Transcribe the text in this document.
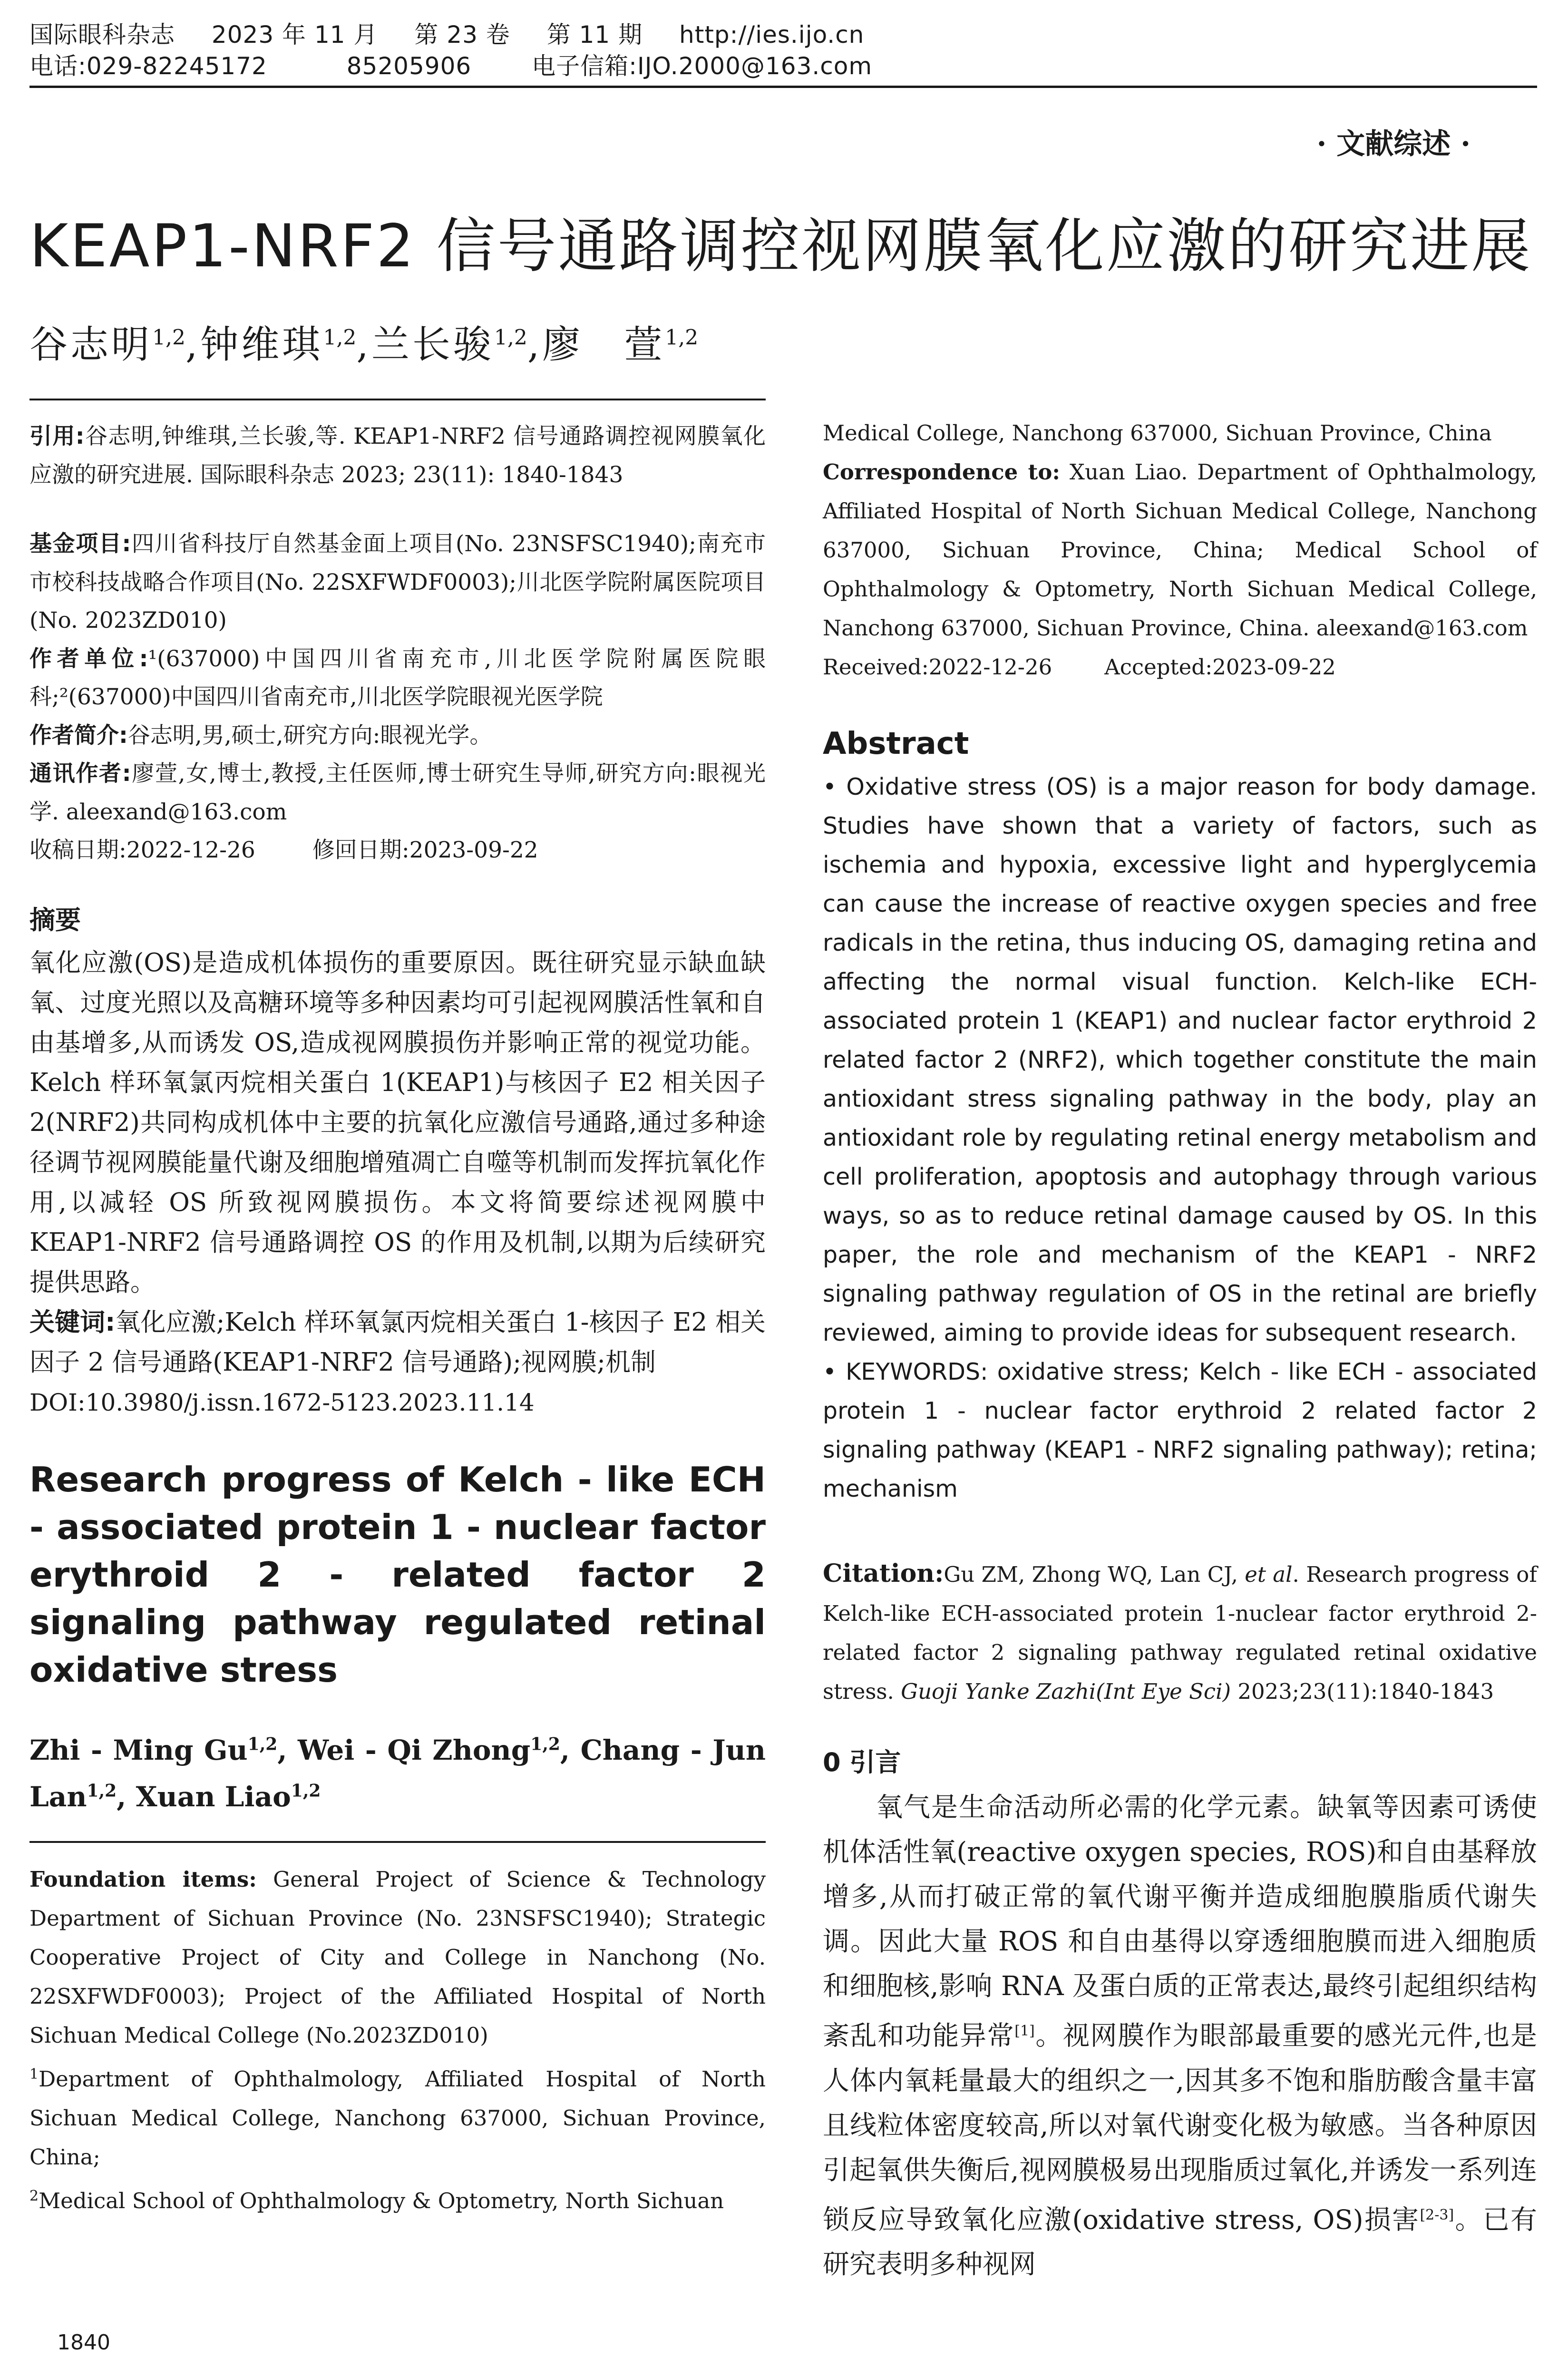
国际眼科杂志 2023 年 11 月 第 23 卷 第 11 期 http://ies.ijo.cn
电话:029-82245172	85205906	电子信箱:IJO.2000@163.com
· 文献综述 ·
KEAP1-NRF2 信号通路调控视网膜氧化应激的研究进展
谷志明$^{1,2}$,钟维琪$^{1,2}$,兰长骏$^{1,2}$,廖　萱$^{1,2}$

引用:谷志明,钟维琪,兰长骏,等. KEAP1-NRF2 信号通路调控视网膜氧化应激的研究进展. 国际眼科杂志 2023; 23(11): 1840-1843

基金项目:四川省科技厅自然基金面上项目(No. 23NSFSC1940);南充市市校科技战略合作项目(No. 22SXFWDF0003);川北医学院附属医院项目(No. 2023ZD010)

作者单位:¹(637000)中国四川省南充市,川北医学院附属医院眼科;²(637000)中国四川省南充市,川北医学院眼视光医学院

作者简介:谷志明,男,硕士,研究方向:眼视光学。

通讯作者:廖萱,女,博士,教授,主任医师,博士研究生导师,研究方向:眼视光学. aleexand@163.com

收稿日期:2022-12-26	修回日期:2023-09-22

摘要

氧化应激(OS)是造成机体损伤的重要原因。既往研究显示缺血缺氧、过度光照以及高糖环境等多种因素均可引起视网膜活性氧和自由基增多,从而诱发 OS,造成视网膜损伤并影响正常的视觉功能。Kelch 样环氧氯丙烷相关蛋白 1(KEAP1)与核因子 E2 相关因子 2(NRF2)共同构成机体中主要的抗氧化应激信号通路,通过多种途径调节视网膜能量代谢及细胞增殖凋亡自噬等机制而发挥抗氧化作用,以减轻 OS 所致视网膜损伤。本文将简要综述视网膜中 KEAP1-NRF2 信号通路调控 OS 的作用及机制,以期为后续研究提供思路。

关键词:氧化应激;Kelch 样环氧氯丙烷相关蛋白 1-核因子 E2 相关因子 2 信号通路(KEAP1-NRF2 信号通路);视网膜;机制

DOI:10.3980/j.issn.1672-5123.2023.11.14

Research progress of Kelch - like ECH - associated protein 1 - nuclear factor erythroid 2 - related factor 2 signaling pathway regulated retinal oxidative stress
Zhi - Ming Gu$^{1,2}$, Wei - Qi Zhong$^{1,2}$, Chang - Jun Lan$^{1,2}$, Xuan Liao$^{1,2}$

Foundation items: General Project of Science & Technology Department of Sichuan Province (No. 23NSFSC1940); Strategic Cooperative Project of City and College in Nanchong (No. 22SXFWDF0003); Project of the Affiliated Hospital of North Sichuan Medical College (No.2023ZD010)

$^1$Department of Ophthalmology, Affiliated Hospital of North Sichuan Medical College, Nanchong 637000, Sichuan Province, China;

$^2$Medical School of Ophthalmology & Optometry, North Sichuan

Medical College, Nanchong 637000, Sichuan Province, China

Correspondence to: Xuan Liao. Department of Ophthalmology, Affiliated Hospital of North Sichuan Medical College, Nanchong 637000, Sichuan Province, China; Medical School of Ophthalmology & Optometry, North Sichuan Medical College, Nanchong 637000, Sichuan Province, China. aleexand@163.com

Received:2022-12-26 Accepted:2023-09-22

Abstract

• Oxidative stress (OS) is a major reason for body damage. Studies have shown that a variety of factors, such as ischemia and hypoxia, excessive light and hyperglycemia can cause the increase of reactive oxygen species and free radicals in the retina, thus inducing OS, damaging retina and affecting the normal visual function. Kelch-like ECH-associated protein 1 (KEAP1) and nuclear factor erythroid 2 related factor 2 (NRF2), which together constitute the main antioxidant stress signaling pathway in the body, play an antioxidant role by regulating retinal energy metabolism and cell proliferation, apoptosis and autophagy through various ways, so as to reduce retinal damage caused by OS. In this paper, the role and mechanism of the KEAP1 - NRF2 signaling pathway regulation of OS in the retinal are briefly reviewed, aiming to provide ideas for subsequent research.

• KEYWORDS: oxidative stress; Kelch - like ECH - associated protein 1 - nuclear factor erythroid 2 related factor 2 signaling pathway (KEAP1 - NRF2 signaling pathway); retina; mechanism

Citation:Gu ZM, Zhong WQ, Lan CJ, et al. Research progress of Kelch-like ECH-associated protein 1-nuclear factor erythroid 2-related factor 2 signaling pathway regulated retinal oxidative stress. Guoji Yanke Zazhi(Int Eye Sci) 2023;23(11):1840-1843

0 引言

氧气是生命活动所必需的化学元素。缺氧等因素可诱使机体活性氧(reactive oxygen species, ROS)和自由基释放增多,从而打破正常的氧代谢平衡并造成细胞膜脂质代谢失调。因此大量 ROS 和自由基得以穿透细胞膜而进入细胞质和细胞核,影响 RNA 及蛋白质的正常表达,最终引起组织结构紊乱和功能异常[1]。视网膜作为眼部最重要的感光元件,也是人体内氧耗量最大的组织之一,因其多不饱和脂肪酸含量丰富且线粒体密度较高,所以对氧代谢变化极为敏感。当各种原因引起氧供失衡后,视网膜极易出现脂质过氧化,并诱发一系列连锁反应导致氧化应激(oxidative stress, OS)损害[2-3]。已有研究表明多种视网

1840
